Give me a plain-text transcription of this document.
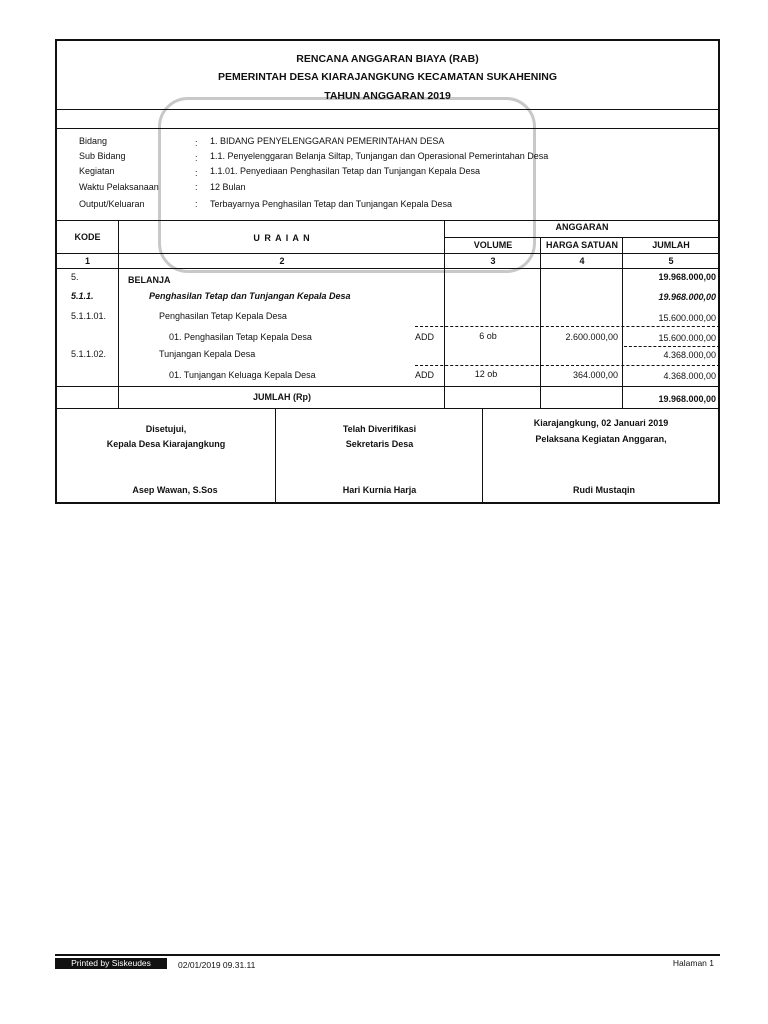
RENCANA ANGGARAN BIAYA (RAB)
PEMERINTAH DESA KIARAJANGKUNG KECAMATAN SUKAHENING
TAHUN ANGGARAN 2019
Bidang	: 1. BIDANG PENYELENGGARAN PEMERINTAHAN DESA
Sub Bidang	: 1.1. Penyelenggaran Belanja Siltap, Tunjangan dan Operasional Pemerintahan Desa
Kegiatan	: 1.1.01. Penyediaan Penghasilan Tetap dan Tunjangan Kepala Desa
Waktu Pelaksanaan	: 12 Bulan
Output/Keluaran	: Terbayarnya Penghasilan Tetap dan Tunjangan Kepala Desa
KODE	U R A I A N
ANGGARAN
VOLUME	HARGA SATUAN	JUMLAH
1	2	3	4	5
5.	BELANJA	19.968.000,00
5.1.1.	Penghasilan Tetap dan Tunjangan Kepala Desa	19.968.000,00
5.1.1.01.	Penghasilan Tetap Kepala Desa	15.600.000,00
01. Penghasilan Tetap Kepala Desa	ADD	6 ob	2.600.000,00	15.600.000,00
5.1.1.02.	Tunjangan Kepala Desa	4.368.000,00
01. Tunjangan Keluaga Kepala Desa	ADD	12 ob	364.000,00	4.368.000,00
JUMLAH (Rp)	19.968.000,00
Disetujui,
Kepala Desa Kiarajangkung
Asep Wawan, S.Sos
Telah Diverifikasi
Sekretaris Desa
Hari Kurnia Harja
Kiarajangkung, 02 Januari 2019
Pelaksana Kegiatan Anggaran,
Rudi Mustaqin
Printed by Siskeudes	02/01/2019 09.31.11	Halaman 1
